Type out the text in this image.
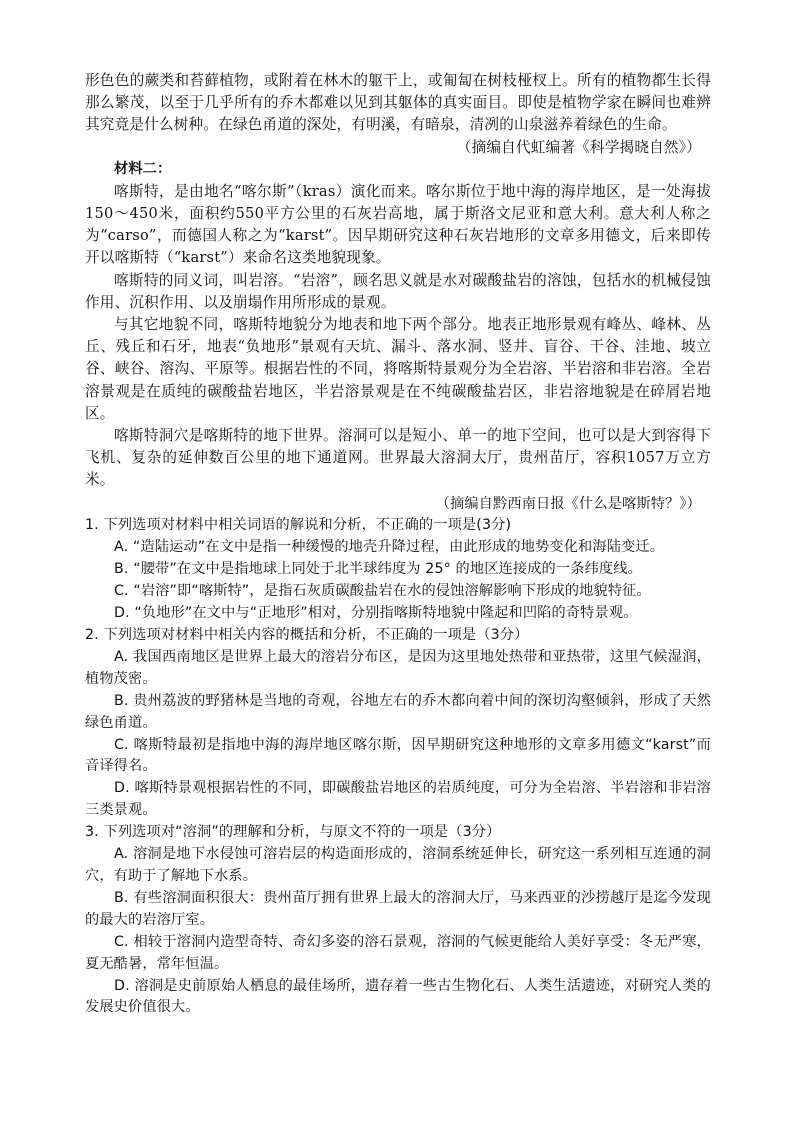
形色色的蕨类和苔藓植物，或附着在林木的躯干上，或匍匐在树枝桠杈上。所有的植物都生长得那么繁茂，以至于几乎所有的乔木都难以见到其躯体的真实面目。即使是植物学家在瞬间也难辨其究竟是什么树种。在绿色甬道的深处，有明溪，有暗泉，清冽的山泉滋养着绿色的生命。

（摘编自代虹编著《科学揭晓自然》）

材料二：

喀斯特，是由地名“喀尔斯”（kras）演化而来。喀尔斯位于地中海的海岸地区，是一处海拔150～450米，面积约550平方公里的石灰岩高地，属于斯洛文尼亚和意大利。意大利人称之为“carso”，而德国人称之为“karst”。因早期研究这种石灰岩地形的文章多用德文，后来即传开以喀斯特（“karst”）来命名这类地貌现象。

喀斯特的同义词，叫岩溶。“岩溶”，顾名思义就是水对碳酸盐岩的溶蚀，包括水的机械侵蚀作用、沉积作用、以及崩塌作用所形成的景观。

与其它地貌不同，喀斯特地貌分为地表和地下两个部分。地表正地形景观有峰丛、峰林、丛丘、残丘和石牙，地表“负地形”景观有天坑、漏斗、落水洞、竖井、盲谷、干谷、洼地、坡立谷、峡谷、溶沟、平原等。根据岩性的不同，将喀斯特景观分为全岩溶、半岩溶和非岩溶。全岩溶景观是在质纯的碳酸盐岩地区，半岩溶景观是在不纯碳酸盐岩区，非岩溶地貌是在碎屑岩地区。

喀斯特洞穴是喀斯特的地下世界。溶洞可以是短小、单一的地下空间，也可以是大到容得下飞机、复杂的延伸数百公里的地下通道网。世界最大溶洞大厅，贵州苗厅，容积1057万立方米。

（摘编自黔西南日报《什么是喀斯特？》）

1. 下列选项对材料中相关词语的解说和分析，不正确的一项是(3分)

A. “造陆运动”在文中是指一种缓慢的地壳升降过程，由此形成的地势变化和海陆变迁。

B. “腰带”在文中是指地球上同处于北半球纬度为 25° 的地区连接成的一条纬度线。

C. “岩溶”即“喀斯特”，是指石灰质碳酸盐岩在水的侵蚀溶解影响下形成的地貌特征。

D. “负地形”在文中与“正地形”相对，分别指喀斯特地貌中隆起和凹陷的奇特景观。

2. 下列选项对材料中相关内容的概括和分析，不正确的一项是（3分）

A. 我国西南地区是世界上最大的溶岩分布区，是因为这里地处热带和亚热带，这里气候湿润，植物茂密。

B. 贵州荔波的野猪林是当地的奇观，谷地左右的乔木都向着中间的深切沟壑倾斜，形成了天然绿色甬道。

C. 喀斯特最初是指地中海的海岸地区喀尔斯，因早期研究这种地形的文章多用德文“karst”而音译得名。

D. 喀斯特景观根据岩性的不同，即碳酸盐岩地区的岩质纯度，可分为全岩溶、半岩溶和非岩溶三类景观。

3. 下列选项对“溶洞”的理解和分析，与原文不符的一项是（3分）

A. 溶洞是地下水侵蚀可溶岩层的构造面形成的，溶洞系统延伸长，研究这一系列相互连通的洞穴，有助于了解地下水系。

B. 有些溶洞面积很大：贵州苗厅拥有世界上最大的溶洞大厅，马来西亚的沙捞越厅是迄今发现的最大的岩溶厅室。

C. 相较于溶洞内造型奇特、奇幻多姿的溶石景观，溶洞的气候更能给人美好享受：冬无严寒，夏无酷暑，常年恒温。

D. 溶洞是史前原始人栖息的最佳场所，遗存着一些古生物化石、人类生活遗迹，对研究人类的发展史价值很大。
